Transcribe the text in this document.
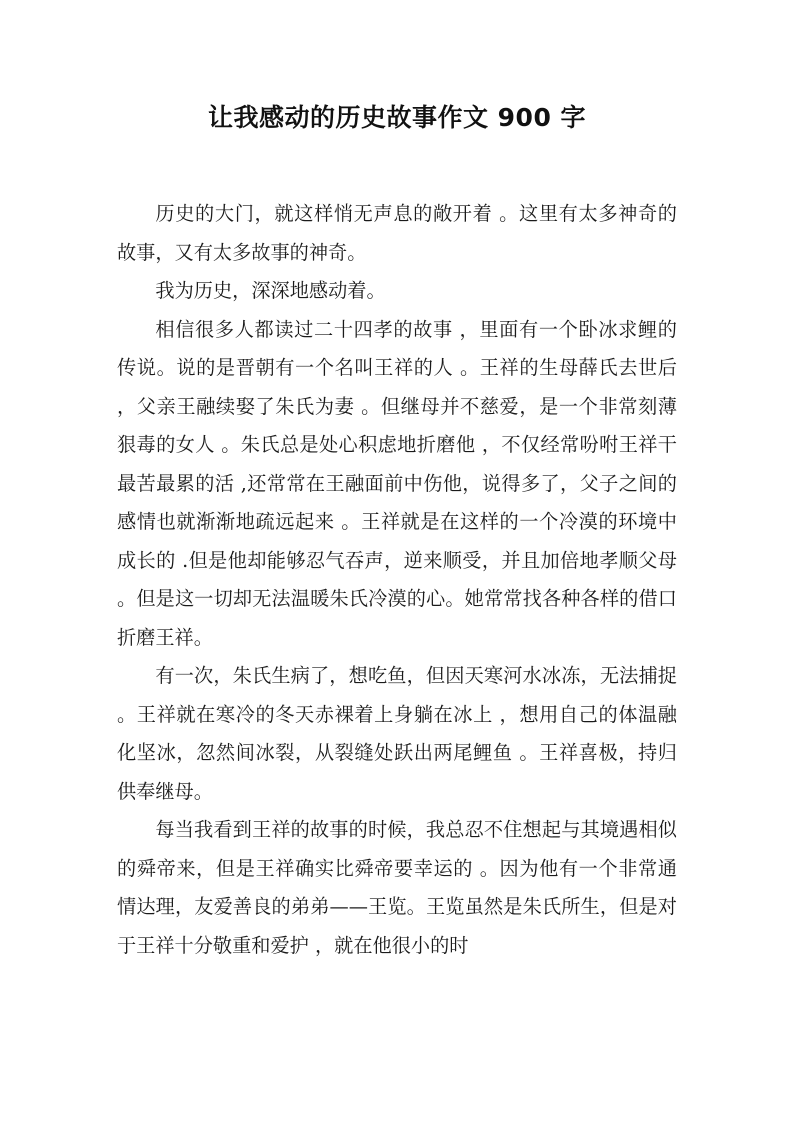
让我感动的历史故事作文 900 字

历史的大门，就这样悄无声息的敞开着 。这里有太多神奇的故事，又有太多故事的神奇。

我为历史，深深地感动着。

相信很多人都读过二十四孝的故事 ，里面有一个卧冰求鲤的传说。说的是晋朝有一个名叫王祥的人 。王祥的生母薛氏去世后，父亲王融续娶了朱氏为妻 。但继母并不慈爱，是一个非常刻薄狠毒的女人 。朱氏总是处心积虑地折磨他 ，不仅经常吩咐王祥干最苦最累的活 ,还常常在王融面前中伤他，说得多了，父子之间的感情也就渐渐地疏远起来 。王祥就是在这样的一个冷漠的环境中成长的 .但是他却能够忍气吞声，逆来顺受，并且加倍地孝顺父母 。但是这一切却无法温暖朱氏冷漠的心。她常常找各种各样的借口折磨王祥。

有一次，朱氏生病了，想吃鱼，但因天寒河水冰冻，无法捕捉。王祥就在寒冷的冬天赤裸着上身躺在冰上 ，想用自己的体温融化坚冰，忽然间冰裂，从裂缝处跃出两尾鲤鱼 。王祥喜极，持归供奉继母。

每当我看到王祥的故事的时候，我总忍不住想起与其境遇相似的舜帝来，但是王祥确实比舜帝要幸运的 。因为他有一个非常通情达理，友爱善良的弟弟——王览。王览虽然是朱氏所生，但是对于王祥十分敬重和爱护 ，就在他很小的时
